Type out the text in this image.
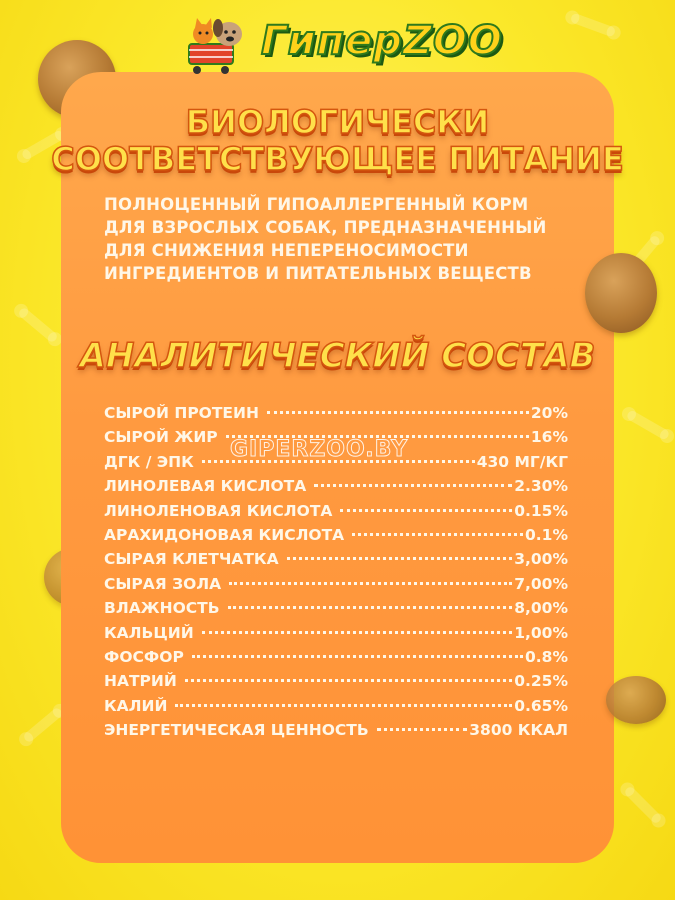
ГиперZOO
БИОЛОГИЧЕСКИ
СООТВЕТСТВУЮЩЕЕ ПИТАНИЕ
ПОЛНОЦЕННЫЙ ГИПОАЛЛЕРГЕННЫЙ КОРМ ДЛЯ ВЗРОСЛЫХ СОБАК, ПРЕДНАЗНАЧЕННЫЙ ДЛЯ СНИЖЕНИЯ НЕПЕРЕНОСИМОСТИ ИНГРЕДИЕНТОВ И ПИТАТЕЛЬНЫХ ВЕЩЕСТВ
АНАЛИТИЧЕСКИЙ СОСТАВ
СЫРОЙ ПРОТЕИН	20%
СЫРОЙ ЖИР	16%
ДГК / ЭПК	430 МГ/КГ
ЛИНОЛЕВАЯ КИСЛОТА	2.30%
ЛИНОЛЕНОВАЯ КИСЛОТА	0.15%
АРАХИДОНОВАЯ КИСЛОТА	0.1%
СЫРАЯ КЛЕТЧАТКА	3,00%
СЫРАЯ ЗОЛА	7,00%
ВЛАЖНОСТЬ	8,00%
КАЛЬЦИЙ	1,00%
ФОСФОР	0.8%
НАТРИЙ	0.25%
КАЛИЙ	0.65%
ЭНЕРГЕТИЧЕСКАЯ ЦЕННОСТЬ	3800 ККАЛ
GIPERZOO.BY
